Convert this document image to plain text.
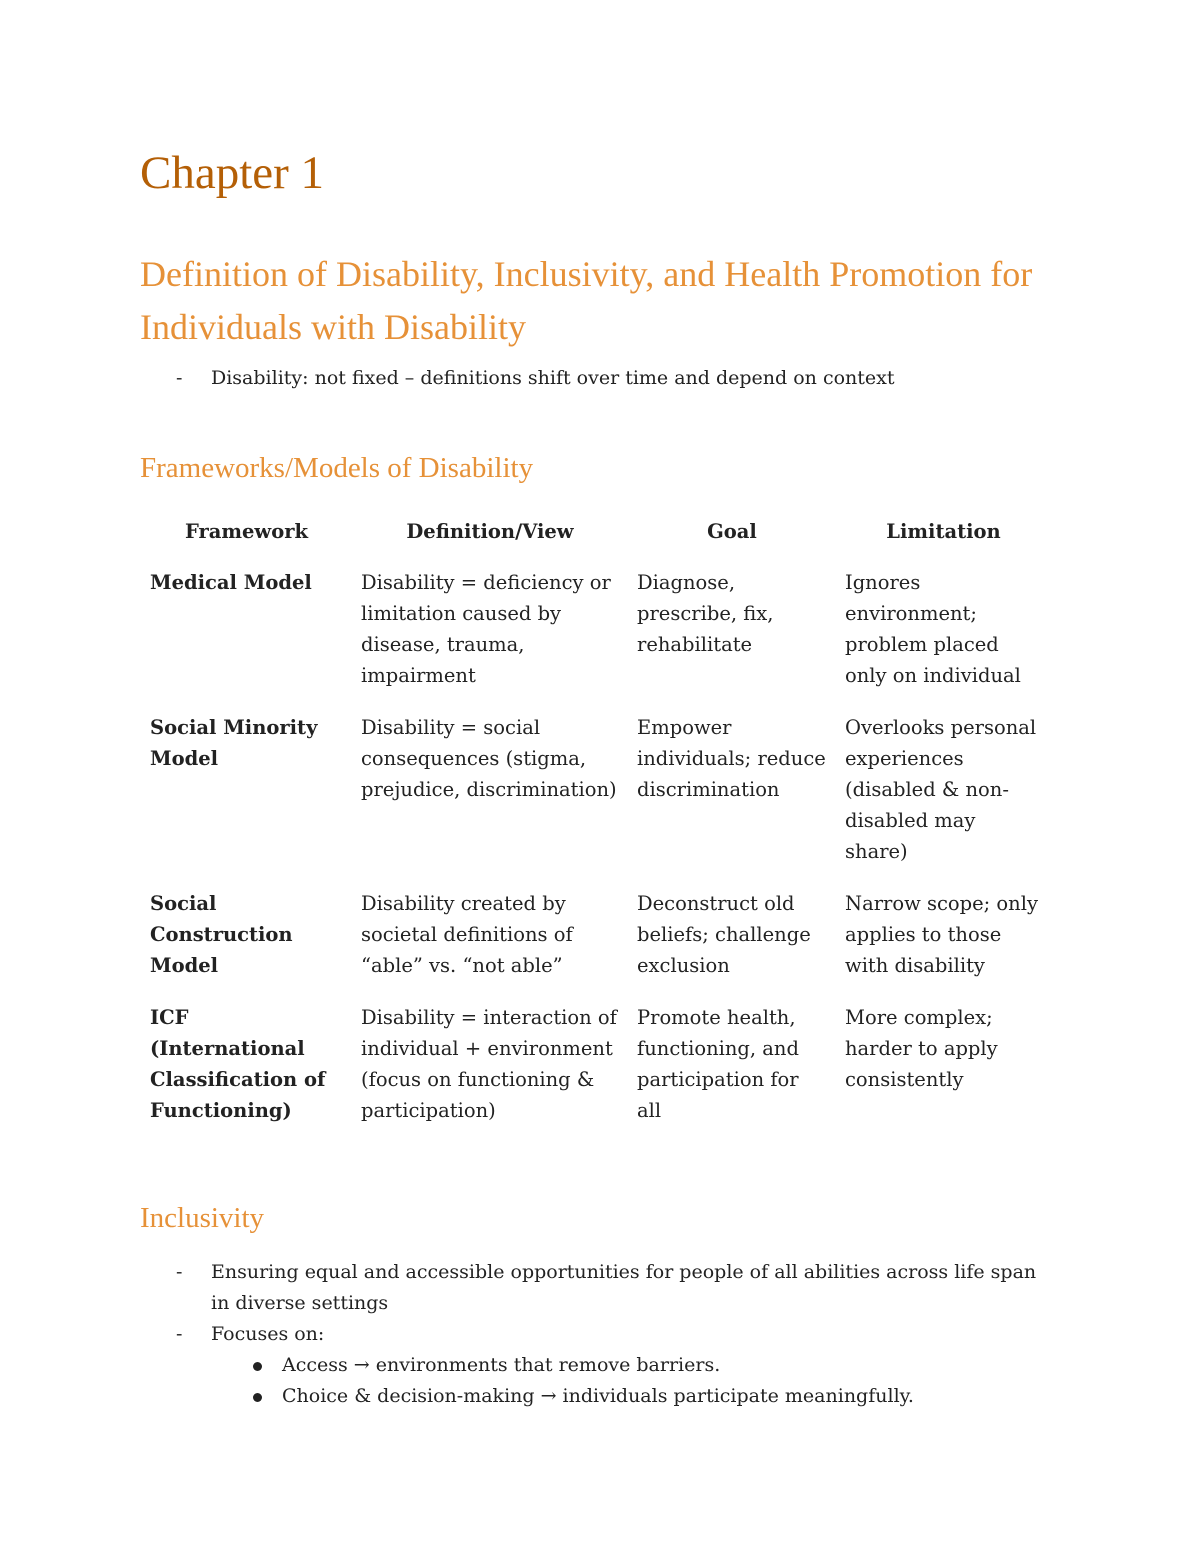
Chapter 1
Definition of Disability, Inclusivity, and Health Promotion for Individuals with Disability
- Disability: not fixed – definitions shift over time and depend on context
Frameworks/Models of Disability
Framework	Definition/View	Goal	Limitation
Medical Model	Disability = deficiency or limitation caused by disease, trauma, impairment	Diagnose, prescribe, fix, rehabilitate	Ignores environment; problem placed only on individual
Social Minority Model	Disability = social consequences (stigma, prejudice, discrimination)	Empower individuals; reduce discrimination	Overlooks personal experiences (disabled & non-disabled may share)
Social Construction Model	Disability created by societal definitions of “able” vs. “not able”	Deconstruct old beliefs; challenge exclusion	Narrow scope; only applies to those with disability
ICF (International Classification of Functioning)	Disability = interaction of individual + environment (focus on functioning & participation)	Promote health, functioning, and participation for all	More complex; harder to apply consistently
Inclusivity
- Ensuring equal and accessible opportunities for people of all abilities across life span in diverse settings
- Focuses on:
Access → environments that remove barriers.
Choice & decision-making → individuals participate meaningfully.
